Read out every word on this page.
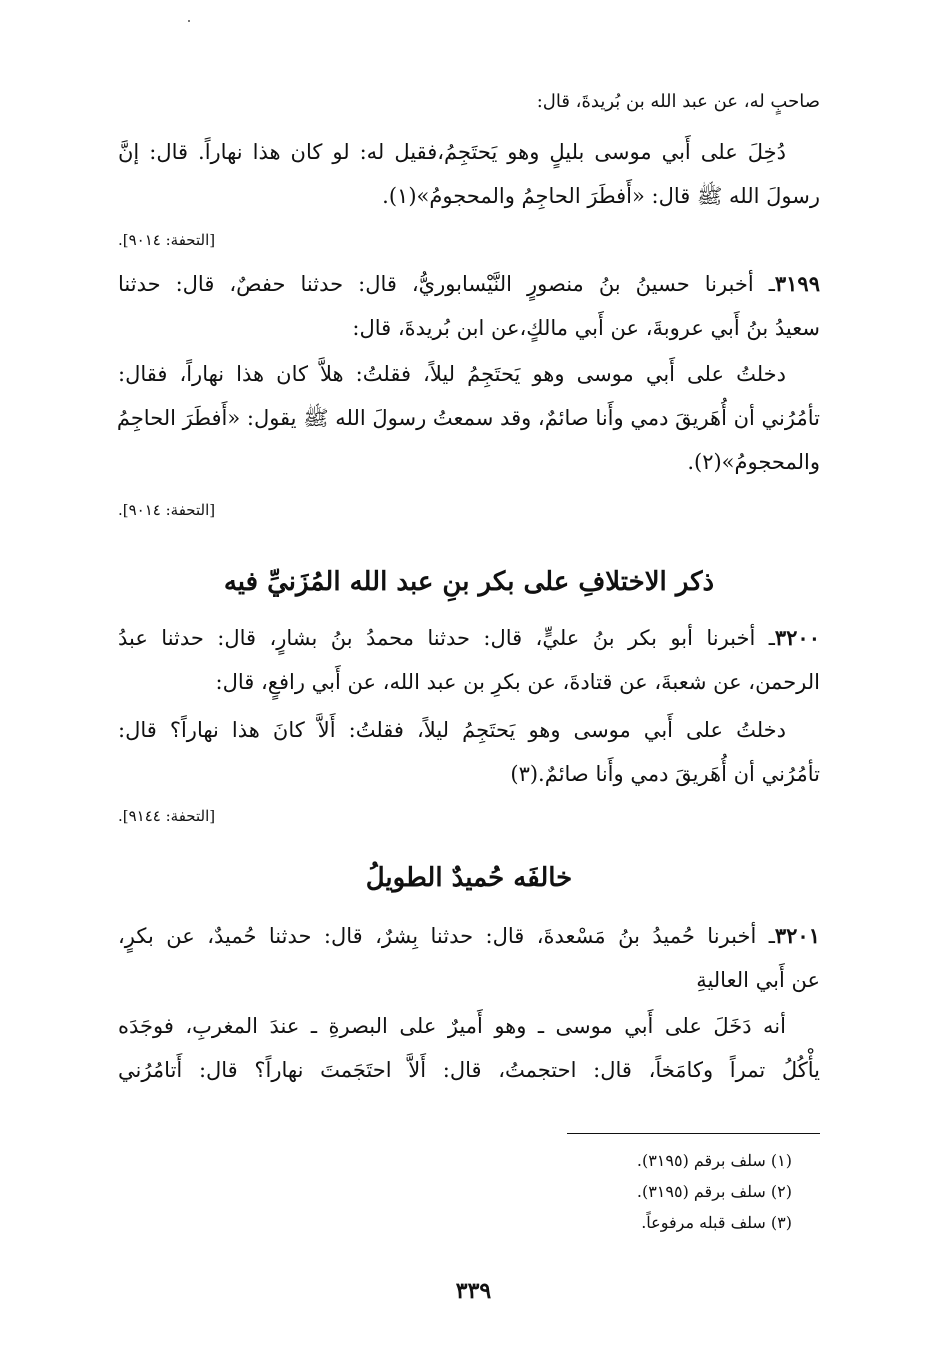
صاحبٍ له، عن عبد الله بن بُريدةَ، قال:
دُخِلَ على أَبي موسى بليلٍ وهو يَحتَجِمُ،فقيل له: لو كان هذا نهاراً. قال: إنَّ
رسولَ الله ﷺ قال: «أَفطَرَ الحاجِمُ والمحجومُ»(١).
[التحفة: ٩٠١٤].
٣١٩٩ـ أخبرنا حسينُ بنُ منصورٍ النَّيْسابوريُّ، قال: حدثنا حفصٌ، قال: حدثنا
سعيدُ بنُ أَبي عروبةَ، عن أَبي مالكٍ،عن ابن بُريدةَ، قال:
دخلتُ على أَبي موسى وهو يَحتَجِمُ ليلاً، فقلتُ: هلاَّ كان هذا نهاراً، فقال:
تأمُرُني أن أُهَريقَ دمي وأَنا صائمٌ، وقد سمعتُ رسولَ الله ﷺ يقول: «أَفطَرَ الحاجِمُ
والمحجومُ»(٢).
[التحفة: ٩٠١٤].
ذكر الاختلافِ على بكر بنِ عبد الله المُزَنيِّ فيه
٣٢٠٠ـ أخبرنا أبو بكر بنُ عليٍّ، قال: حدثنا محمدُ بنُ بشارٍ، قال: حدثنا عبدُ
الرحمن، عن شعبةَ، عن قتادةَ، عن بكرِ بن عبد الله، عن أَبي رافعٍ، قال:
دخلتُ على أَبي موسى وهو يَحتَجِمُ ليلاً، فقلتُ: أَلاَّ كانَ هذا نهاراً؟ قال:
تأمُرُني أن أُهَريقَ دمي وأَنا صائمٌ.(٣)
[التحفة: ٩١٤٤].
خالفَه حُميدٌ الطويلُ
٣٢٠١ـ أخبرنا حُميدُ بنُ مَسْعدةَ، قال: حدثنا بِشرٌ، قال: حدثنا حُميدٌ، عن بكرٍ،
عن أَبي العاليةِ
أنه دَخَلَ على أَبي موسى ـ وهو أَميرٌ على البصرةِ ـ عندَ المغربِ، فوجَدَه
يأْكُلُ تمراً وكامَخاً، قال: احتجمتُ، قال: أَلاَّ احتَجَمتَ نهاراً؟ قال: أَتامُرُني
(١) سلف برقم (٣١٩٥).
(٢) سلف برقم (٣١٩٥).
(٣) سلف قبله مرفوعاً.
٣٣٩
